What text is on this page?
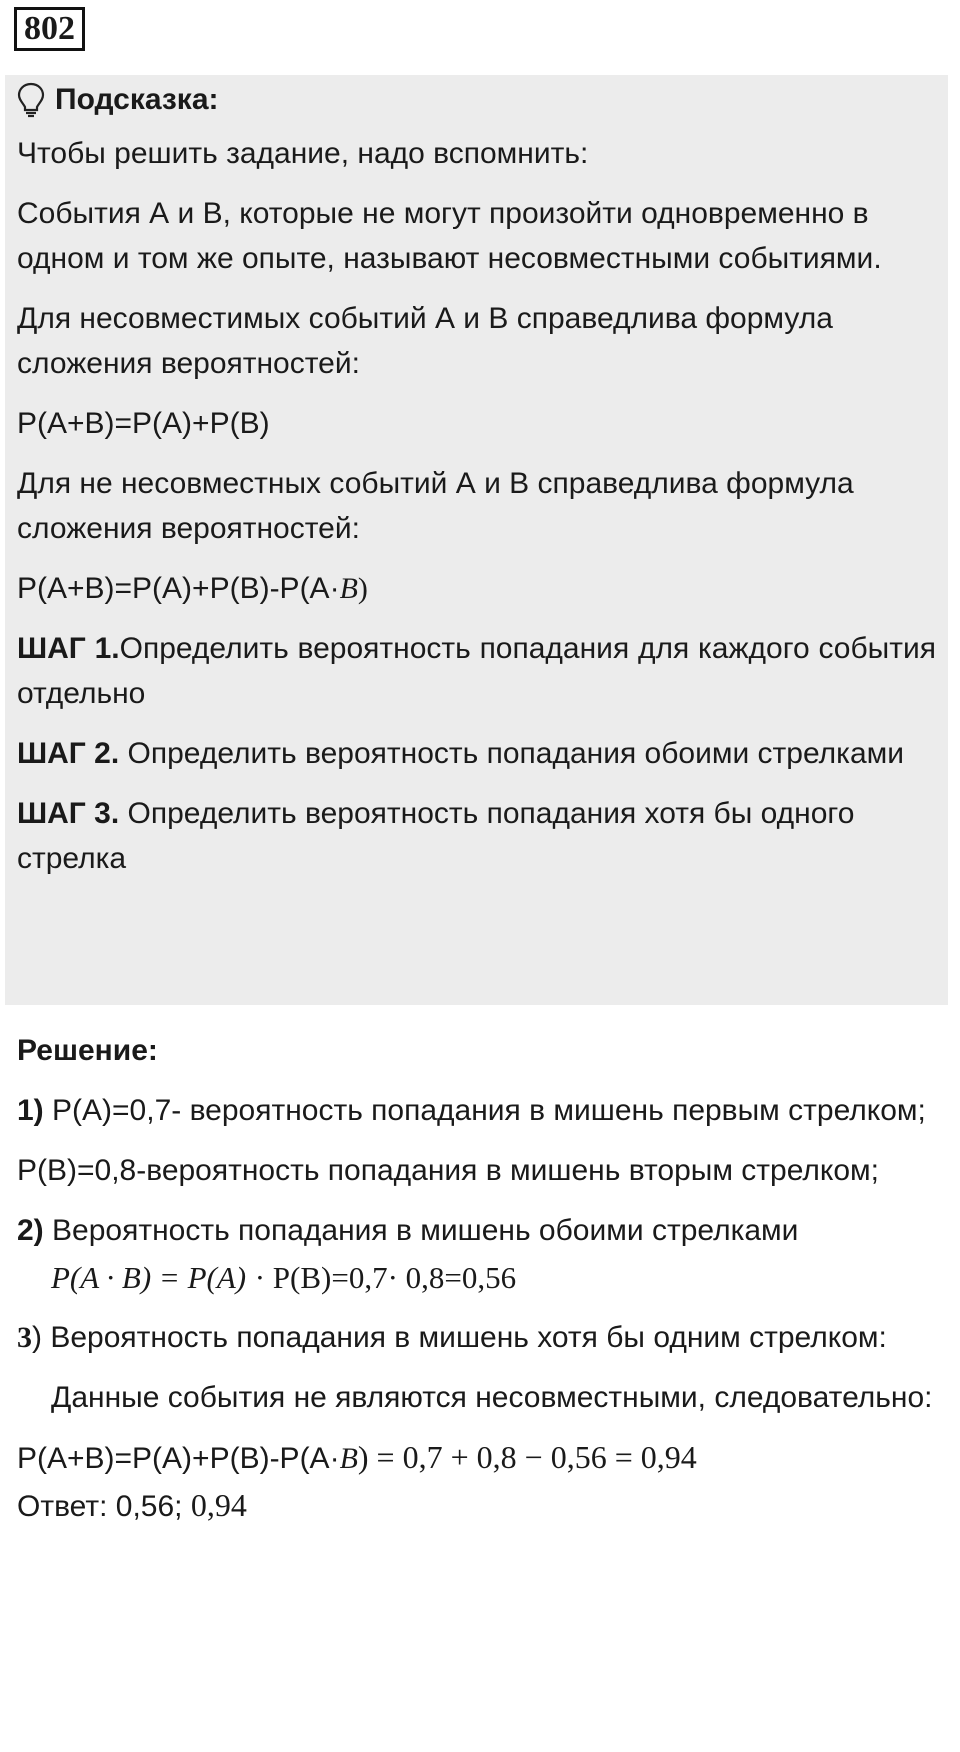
802

Подсказка:

Чтобы решить задание, надо вспомнить:

События А и В, которые не могут произойти одновременно в одном и том же опыте, называют несовместными событиями.

Для несовместимых событий А и В справедлива формула сложения вероятностей:

P(A+B)=P(A)+P(B)

Для не несовместных событий А и В справедлива формула сложения вероятностей:

P(A+B)=P(A)+P(B)-P(A·B)

ШАГ 1.Определить вероятность попадания для каждого события отдельно

ШАГ 2. Определить вероятность попадания обоими стрелками

ШАГ 3. Определить вероятность попадания хотя бы одного стрелка

Решение:

1) P(A)=0,7- вероятность попадания в мишень первым стрелком;

P(B)=0,8-вероятность попадания в мишень вторым стрелком;

2) Вероятность попадания в мишень обоими стрелками

P(A · B) = P(A) · P(B)=0,7· 0,8=0,56

3) Вероятность попадания в мишень хотя бы одним стрелком:

Данные события не являются несовместными, следовательно:

P(A+B)=P(A)+P(B)-P(A·B) = 0,7 + 0,8 − 0,56 = 0,94

Ответ: 0,56; 0,94
